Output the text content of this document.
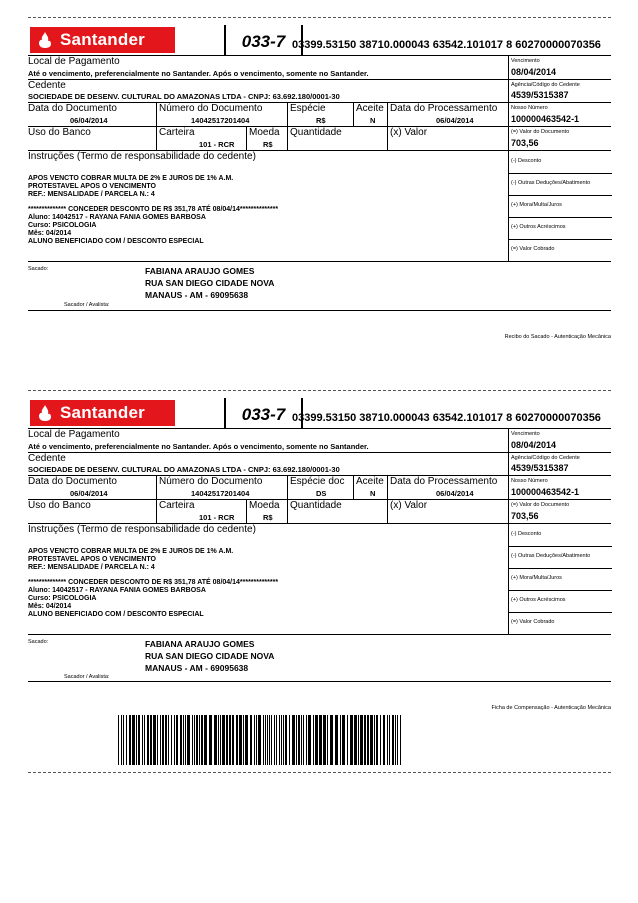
Santander	033-7 03399.53150 38710.000043 63542.101017 8 60270000070356
Local de Pagamento
Até o vencimento, preferencialmente no Santander. Após o vencimento, somente no Santander.
Vencimento
08/04/2014
Cedente
SOCIEDADE DE DESENV. CULTURAL DO AMAZONAS LTDA - CNPJ: 63.692.180/0001-30
Agência/Código do Cedente
4539/5315387
Data do Documento
06/04/2014
Número do Documento
14042517201404
Espécie
R$
Aceite
N
Data do Processamento
06/04/2014
Nosso Número
100000463542-1
Uso do Banco	Carteira
101 - RCR
Moeda
R$
Quantidade	(x) Valor	(=) Valor do Documento
703,56
Instruções (Termo de responsabilidade do cedente)
APOS VENCTO COBRAR MULTA DE 2% E JUROS DE 1% A.M.
PROTESTAVEL APOS O VENCIMENTO
REF.: MENSALIDADE / PARCELA N.: 4
************** CONCEDER DESCONTO DE R$ 351,78 ATÉ 08/04/14**************
Aluno: 14042517 - RAYANA FANIA GOMES BARBOSA
Curso: PSICOLOGIA
Mês: 04/2014
ALUNO BENEFICIADO COM / DESCONTO ESPECIAL
(-) Desconto
(-) Outras Deduções/Abatimento
(+) Mora/Multa/Juros
(+) Outros Acréscimos
(=) Valor Cobrado
Sacado:	FABIANA ARAUJO GOMES
RUA SAN DIEGO CIDADE NOVA
MANAUS - AM - 69095638
Sacador / Avalista:
Recibo do Sacado - Autenticação Mecânica
Santander	033-7 03399.53150 38710.000043 63542.101017 8 60270000070356
Local de Pagamento
Até o vencimento, preferencialmente no Santander. Após o vencimento, somente no Santander.
Vencimento
08/04/2014
Cedente
SOCIEDADE DE DESENV. CULTURAL DO AMAZONAS LTDA - CNPJ: 63.692.180/0001-30
Agência/Código do Cedente
4539/5315387
Data do Documento
06/04/2014
Número do Documento
14042517201404
Espécie doc
DS
Aceite
N
Data do Processamento
06/04/2014
Nosso Número
100000463542-1
Uso do Banco	Carteira
101 - RCR
Moeda
R$
Quantidade	(x) Valor	(=) Valor do Documento
703,56
Instruções (Termo de responsabilidade do cedente)
APOS VENCTO COBRAR MULTA DE 2% E JUROS DE 1% A.M.
PROTESTAVEL APOS O VENCIMENTO
REF.: MENSALIDADE / PARCELA N.: 4
************** CONCEDER DESCONTO DE R$ 351,78 ATÉ 08/04/14**************
Aluno: 14042517 - RAYANA FANIA GOMES BARBOSA
Curso: PSICOLOGIA
Mês: 04/2014
ALUNO BENEFICIADO COM / DESCONTO ESPECIAL
(-) Desconto
(-) Outras Deduções/Abatimento
(+) Mora/Multa/Juros
(+) Outros Acréscimos
(=) Valor Cobrado
Sacado:	FABIANA ARAUJO GOMES
RUA SAN DIEGO CIDADE NOVA
MANAUS - AM - 69095638
Sacador / Avalista:
Ficha de Compensação - Autenticação Mecânica
